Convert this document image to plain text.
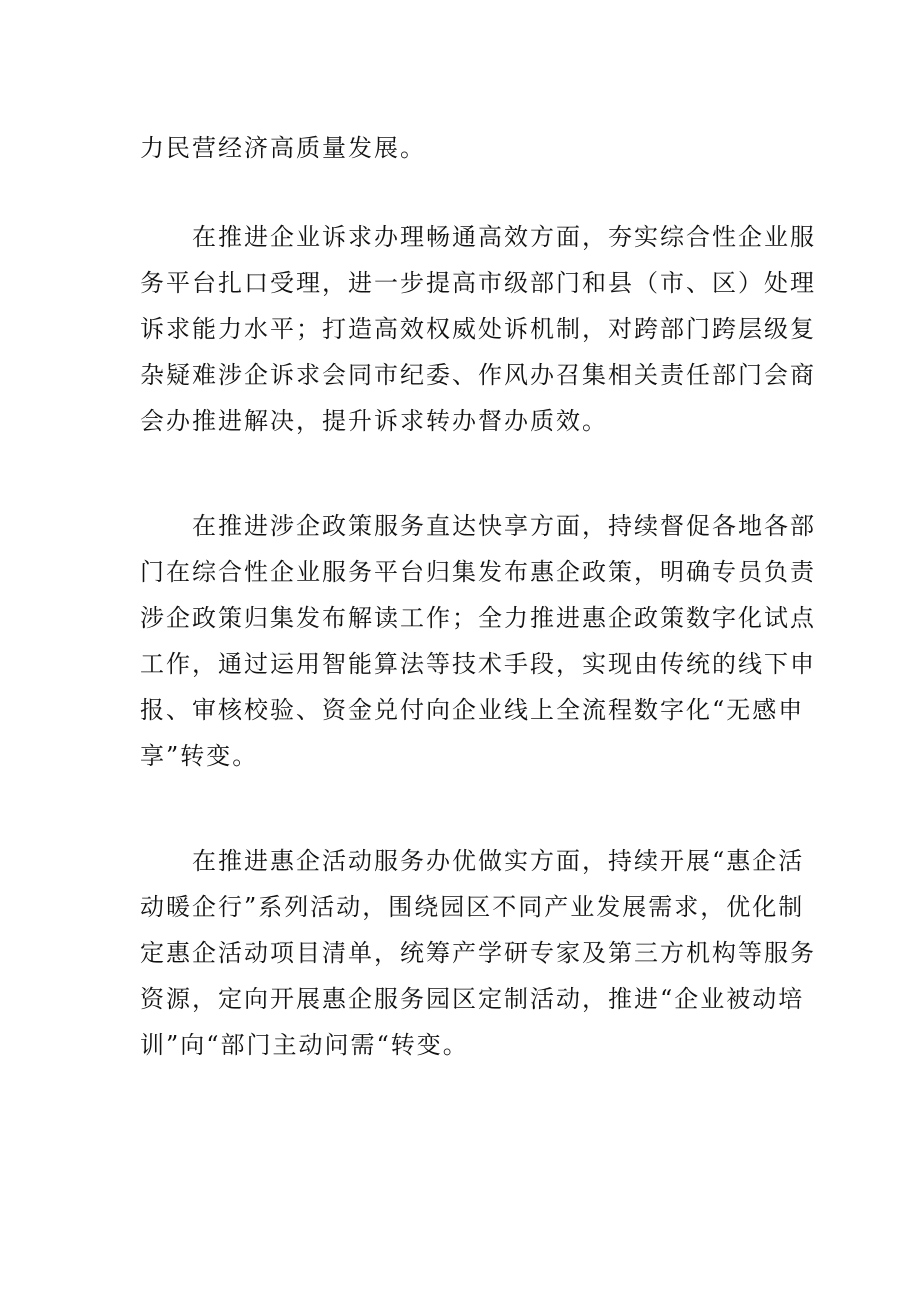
力民营经济高质量发展。
在推进企业诉求办理畅通高效方面，夯实综合性企业服
务平台扎口受理，进一步提高市级部门和县（市、区）处理
诉求能力水平；打造高效权威处诉机制，对跨部门跨层级复
杂疑难涉企诉求会同市纪委、作风办召集相关责任部门会商
会办推进解决，提升诉求转办督办质效。
在推进涉企政策服务直达快享方面，持续督促各地各部
门在综合性企业服务平台归集发布惠企政策，明确专员负责
涉企政策归集发布解读工作；全力推进惠企政策数字化试点
工作，通过运用智能算法等技术手段，实现由传统的线下申
报、审核校验、资金兑付向企业线上全流程数字化“无感申
享”转变。
在推进惠企活动服务办优做实方面，持续开展“惠企活
动暖企行”系列活动，围绕园区不同产业发展需求，优化制
定惠企活动项目清单，统筹产学研专家及第三方机构等服务
资源，定向开展惠企服务园区定制活动，推进“企业被动培
训”向“部门主动问需“转变。
